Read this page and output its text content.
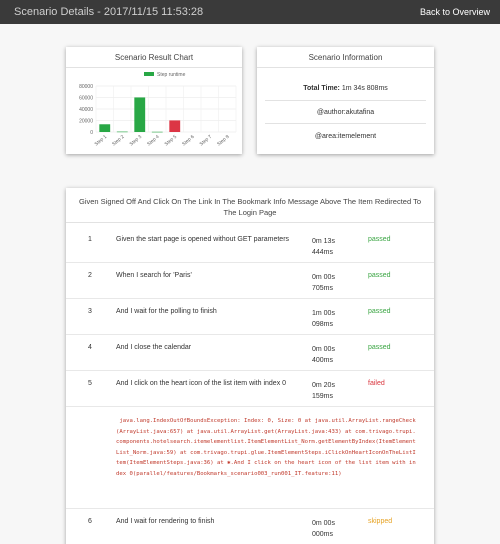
Scenario Details - 2017/11/15 11:53:28	Back to Overview
Scenario Result Chart
80000
60000
40000
20000
0
Step 1 Step 2 Step 3 Step 4 Step 5 Step 6 Step 7 Step 8
Step runtime
Scenario Information
Total Time: 1m 34s 808ms
@author:akutafina
@area:itemelement
Given Signed Off And Click On The Link In The Bookmark Info Message Above The Item Redirected To The Login Page
1	Given the start page is opened without GET parameters	0m 13s
444ms
passed
2	When I search for 'Paris'	0m 00s
705ms
passed
3	And I wait for the polling to finish	1m 00s
098ms
passed
4	And I close the calendar	0m 00s
400ms
passed
5	And I click on the heart icon of the list item with index 0	0m 20s
159ms
failed
java.lang.IndexOutOfBoundsException: Index: 0, Size: 0 at java.util.ArrayList.rangeCheck(ArrayList.java:657) at java.util.ArrayList.get(ArrayList.java:433) at com.trivago.trupi.components.hotelsearch.itemelementlist.ItemElementList_Norm.getElementByIndex(ItemElementList_Norm.java:59) at com.trivago.trupi.glue.ItemElementSteps.iClickOnHeartIconOnTheListItem(ItemElementSteps.java:36) at ✱.And I click on the heart icon of the list item with index 0(parallel/features/Bookmarks_scenario003_run001_IT.feature:11)
6	And I wait for rendering to finish	0m 00s
000ms
skipped
